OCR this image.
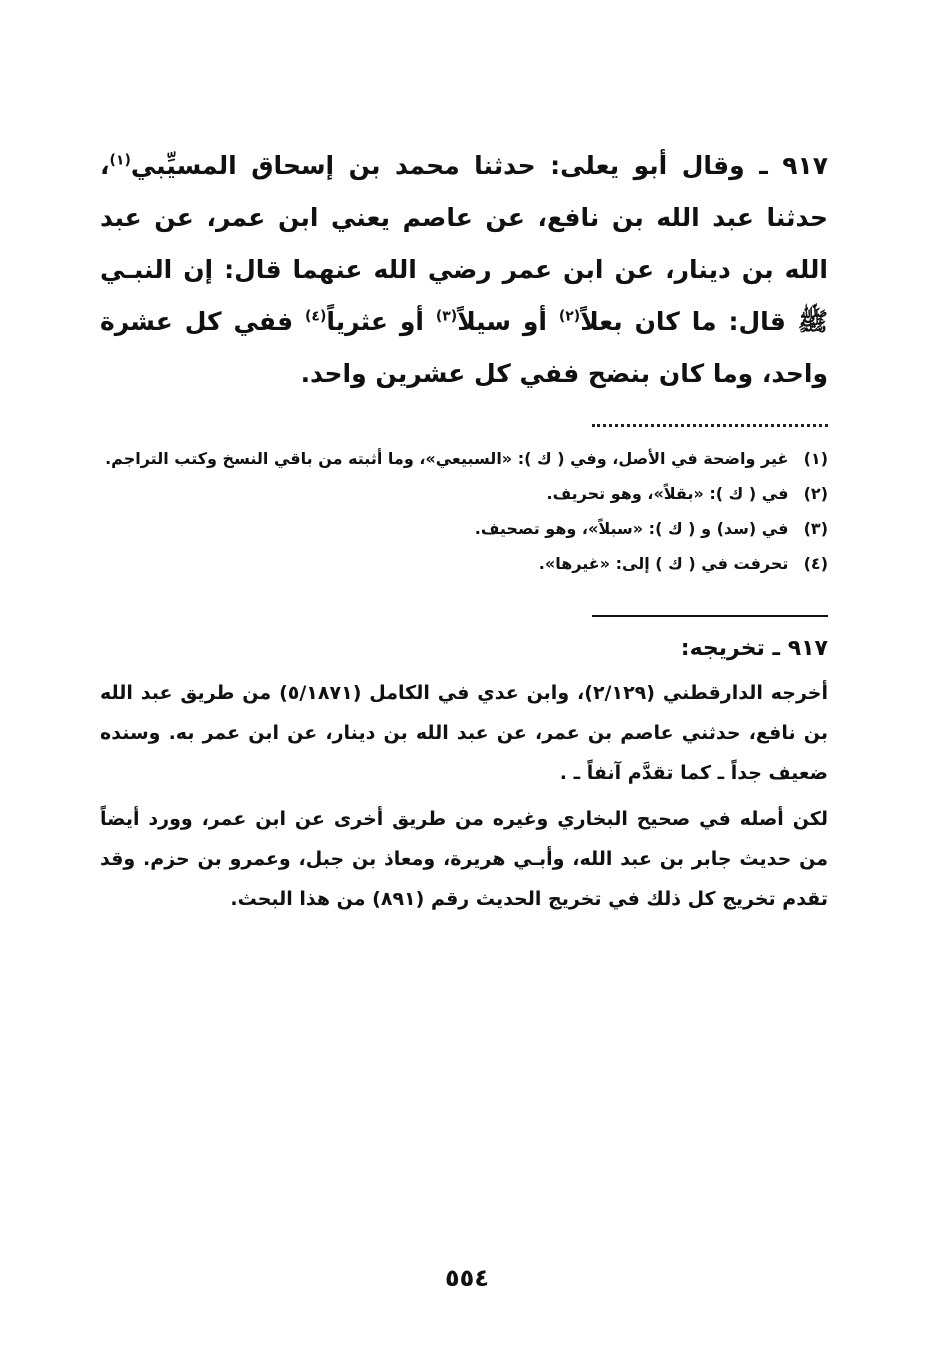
٩١٧ ـ وقال أبو يعلى: حدثنا محمد بن إسحاق المسيِّبي$^{(١)}$، حدثنا عبد الله بن نافع، عن عاصم يعني ابن عمر، عن عبد الله بن دينار، عن ابن عمر رضي الله عنهما قال: إن النبـي ﷺ قال: ما كان بعلاً$^{(٢)}$ أو سيلاً$^{(٣)}$ أو عثرياً$^{(٤)}$ ففي كل عشرة واحد، وما كان بنضح ففي كل عشرين واحد.

(١) غير واضحة في الأصل، وفي ( ك ): «السبيعي»، وما أثبته من باقي النسخ وكتب التراجم.
(٢) في ( ك ): «بقلاً»، وهو تحريف.
(٣) في (سد) و ( ك ): «سبلاً»، وهو تصحيف.
(٤) تحرفت في ( ك ) إلى: «غيرها».
٩١٧ ـ تخريجه:

أخرجه الدارقطني (٢/١٢٩)، وابن عدي في الكامل (٥/١٨٧١) من طريق عبد الله بن نافع، حدثني عاصم بن عمر، عن عبد الله بن دينار، عن ابن عمر به. وسنده ضعيف جداً ـ كما تقدَّم آنفاً ـ .

لكن أصله في صحيح البخاري وغيره من طريق أخرى عن ابن عمر، وورد أيضاً من حديث جابر بن عبد الله، وأبـي هريرة، ومعاذ بن جبل، وعمرو بن حزم. وقد تقدم تخريج كل ذلك في تخريج الحديث رقم (٨٩١) من هذا البحث.

٥٥٤
